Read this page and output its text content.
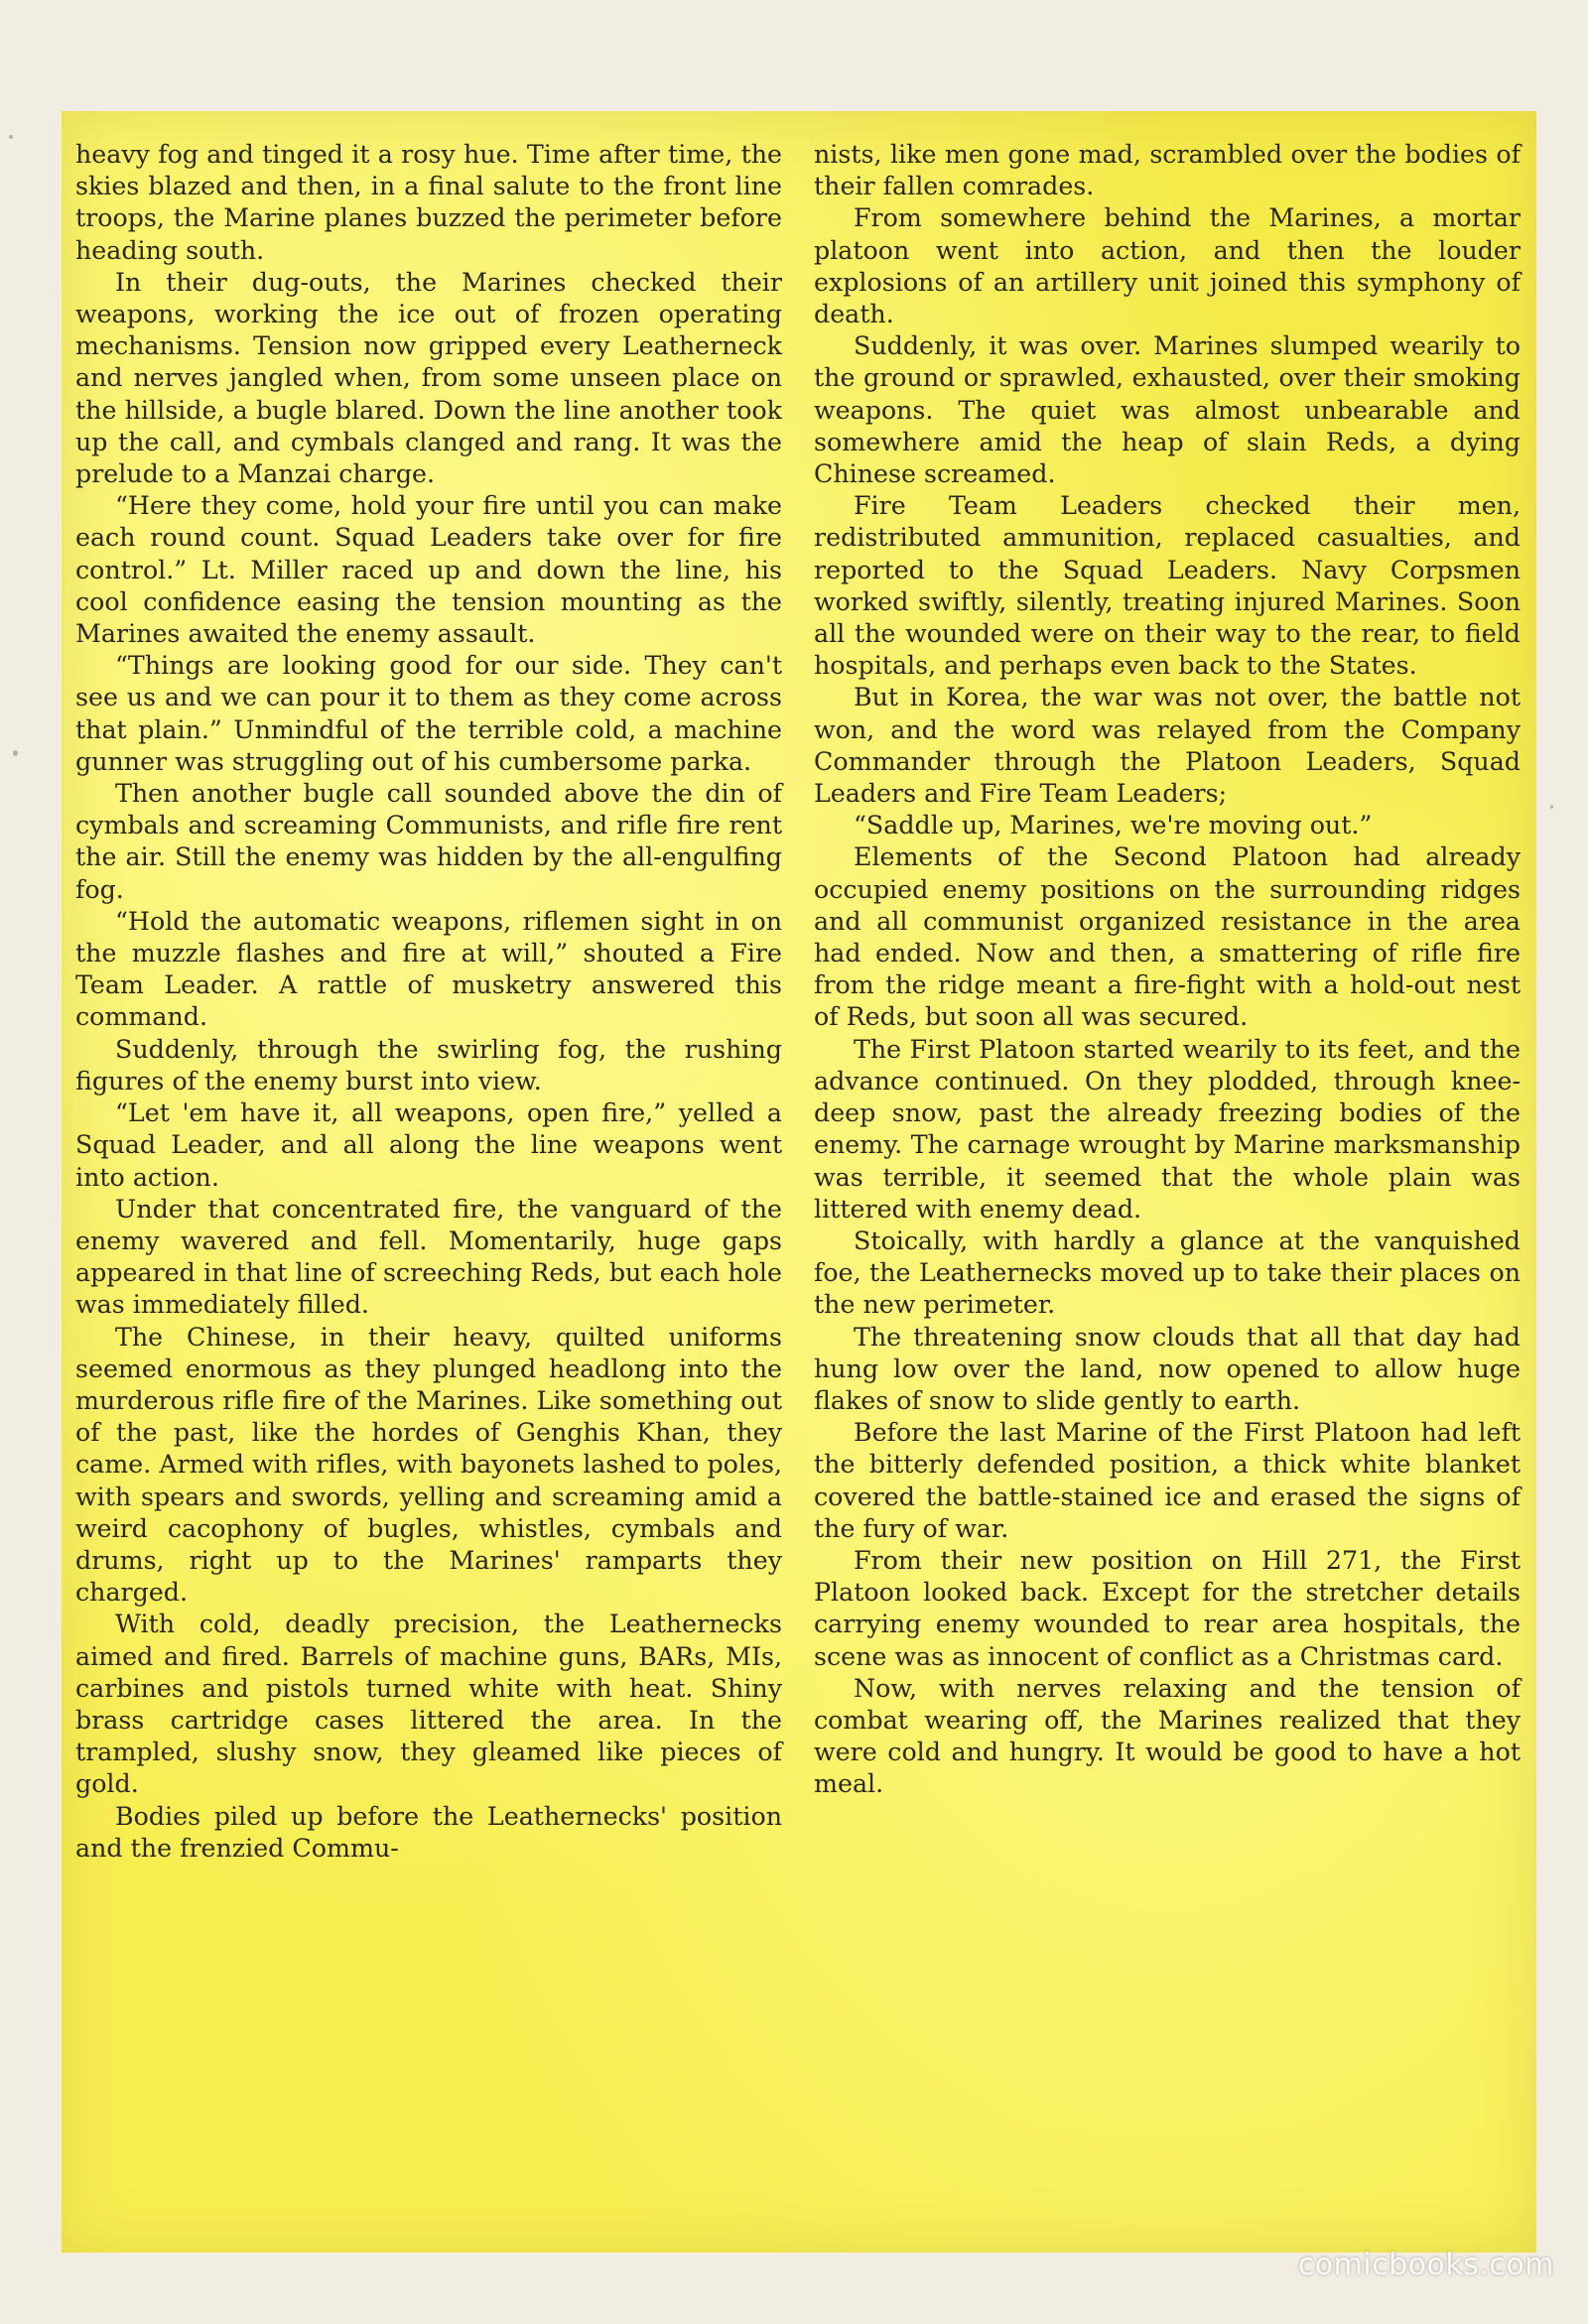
heavy fog and tinged it a rosy hue. Time after time, the skies blazed and then, in a final salute to the front line troops, the Marine planes buzzed the perimeter before heading south.

In their dug-outs, the Marines checked their weapons, working the ice out of frozen operating mechanisms. Tension now gripped every Leatherneck and nerves jangled when, from some unseen place on the hillside, a bugle blared. Down the line another took up the call, and cymbals clanged and rang. It was the prelude to a Manzai charge.

“Here they come, hold your fire until you can make each round count. Squad Leaders take over for fire control.” Lt. Miller raced up and down the line, his cool confidence easing the tension mounting as the Marines awaited the enemy assault.

“Things are looking good for our side. They can't see us and we can pour it to them as they come across that plain.” Unmindful of the terrible cold, a machine gunner was struggling out of his cumbersome parka.

Then another bugle call sounded above the din of cymbals and screaming Communists, and rifle fire rent the air. Still the enemy was hidden by the all-engulfing fog.

“Hold the automatic weapons, riflemen sight in on the muzzle flashes and fire at will,” shouted a Fire Team Leader. A rattle of musketry answered this command.

Suddenly, through the swirling fog, the rushing figures of the enemy burst into view.

“Let 'em have it, all weapons, open fire,” yelled a Squad Leader, and all along the line weapons went into action.

Under that concentrated fire, the vanguard of the enemy wavered and fell. Momentarily, huge gaps appeared in that line of screeching Reds, but each hole was immediately filled.

The Chinese, in their heavy, quilted uniforms seemed enormous as they plunged headlong into the murderous rifle fire of the Marines. Like something out of the past, like the hordes of Genghis Khan, they came. Armed with rifles, with bayonets lashed to poles, with spears and swords, yelling and screaming amid a weird cacophony of bugles, whistles, cymbals and drums, right up to the Marines' ramparts they charged.

With cold, deadly precision, the Leathernecks aimed and fired. Barrels of machine guns, BARs, MIs, carbines and pistols turned white with heat. Shiny brass cartridge cases littered the area. In the trampled, slushy snow, they gleamed like pieces of gold.

Bodies piled up before the Leathernecks' position and the frenzied Commu-

nists, like men gone mad, scrambled over the bodies of their fallen comrades.

From somewhere behind the Marines, a mortar platoon went into action, and then the louder explosions of an artillery unit joined this symphony of death.

Suddenly, it was over. Marines slumped wearily to the ground or sprawled, exhausted, over their smoking weapons. The quiet was almost unbearable and somewhere amid the heap of slain Reds, a dying Chinese screamed.

Fire Team Leaders checked their men, redistributed ammunition, replaced casualties, and reported to the Squad Leaders. Navy Corpsmen worked swiftly, silently, treating injured Marines. Soon all the wounded were on their way to the rear, to field hospitals, and perhaps even back to the States.

But in Korea, the war was not over, the battle not won, and the word was relayed from the Company Commander through the Platoon Leaders, Squad Leaders and Fire Team Leaders;

“Saddle up, Marines, we're moving out.”

Elements of the Second Platoon had already occupied enemy positions on the surrounding ridges and all communist organized resistance in the area had ended. Now and then, a smattering of rifle fire from the ridge meant a fire-fight with a hold-out nest of Reds, but soon all was secured.

The First Platoon started wearily to its feet, and the advance continued. On they plodded, through knee-deep snow, past the already freezing bodies of the enemy. The carnage wrought by Marine marksmanship was terrible, it seemed that the whole plain was littered with enemy dead.

Stoically, with hardly a glance at the vanquished foe, the Leathernecks moved up to take their places on the new perimeter.

The threatening snow clouds that all that day had hung low over the land, now opened to allow huge flakes of snow to slide gently to earth.

Before the last Marine of the First Platoon had left the bitterly defended position, a thick white blanket covered the battle-stained ice and erased the signs of the fury of war.

From their new position on Hill 271, the First Platoon looked back. Except for the stretcher details carrying enemy wounded to rear area hospitals, the scene was as innocent of conflict as a Christmas card.

Now, with nerves relaxing and the tension of combat wearing off, the Marines realized that they were cold and hungry. It would be good to have a hot meal.

comicbooks.com
